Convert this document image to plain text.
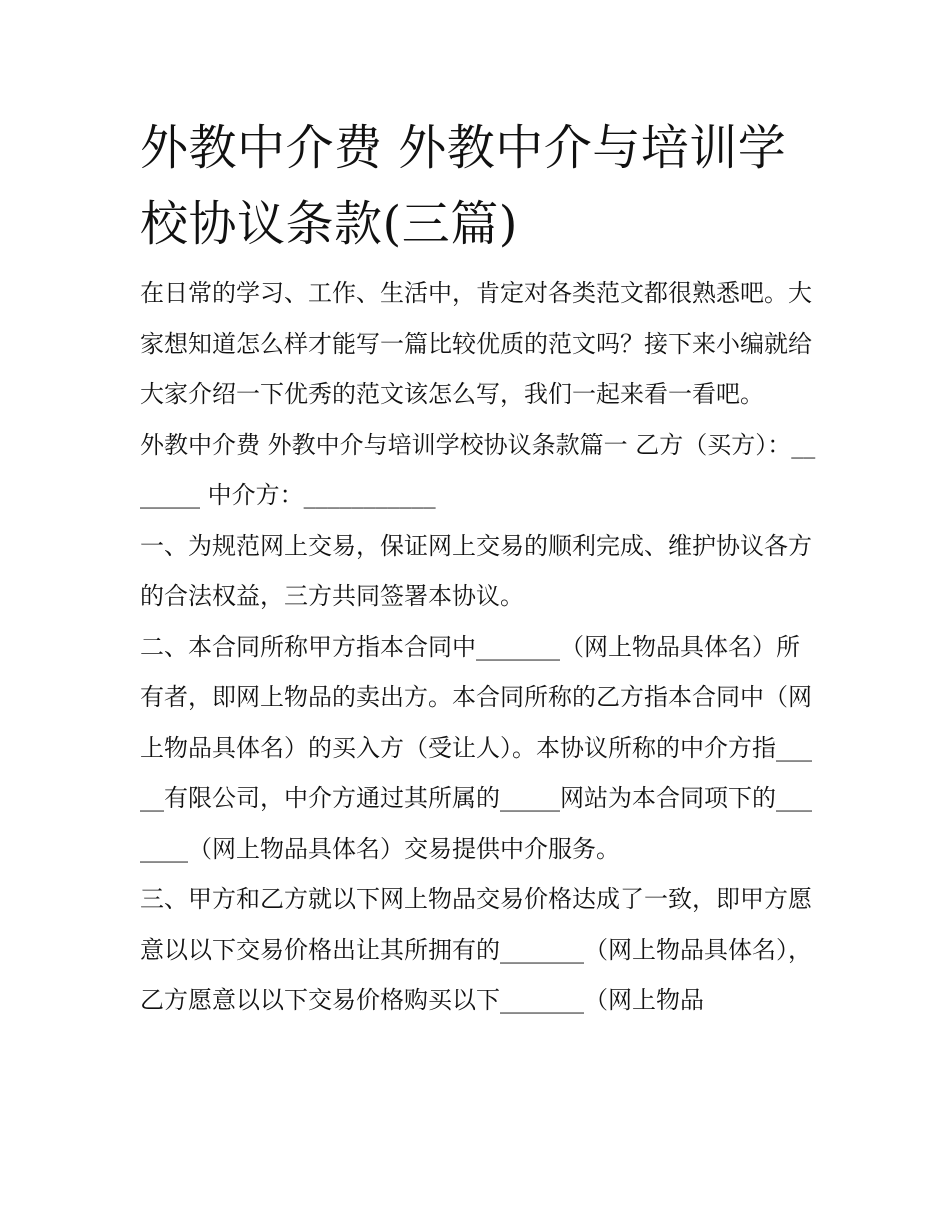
外教中介费 外教中介与培训学校协议条款(三篇)

在日常的学习、工作、生活中，肯定对各类范文都很熟悉吧。大家想知道怎么样才能写一篇比较优质的范文吗？接下来小编就给大家介绍一下优秀的范文该怎么写，我们一起来看一看吧。

外教中介费 外教中介与培训学校协议条款篇一 乙方（买方）：_______ 中介方：___________

一、为规范网上交易，保证网上交易的顺利完成、维护协议各方的合法权益，三方共同签署本协议。

二、本合同所称甲方指本合同中_______（网上物品具体名）所有者，即网上物品的卖出方。本合同所称的乙方指本合同中（网上物品具体名）的买入方（受让人）。本协议所称的中介方指_____有限公司，中介方通过其所属的_____网站为本合同项下的_______（网上物品具体名）交易提供中介服务。

三、甲方和乙方就以下网上物品交易价格达成了一致，即甲方愿意以以下交易价格出让其所拥有的_______（网上物品具体名），乙方愿意以以下交易价格购买以下_______（网上物品
